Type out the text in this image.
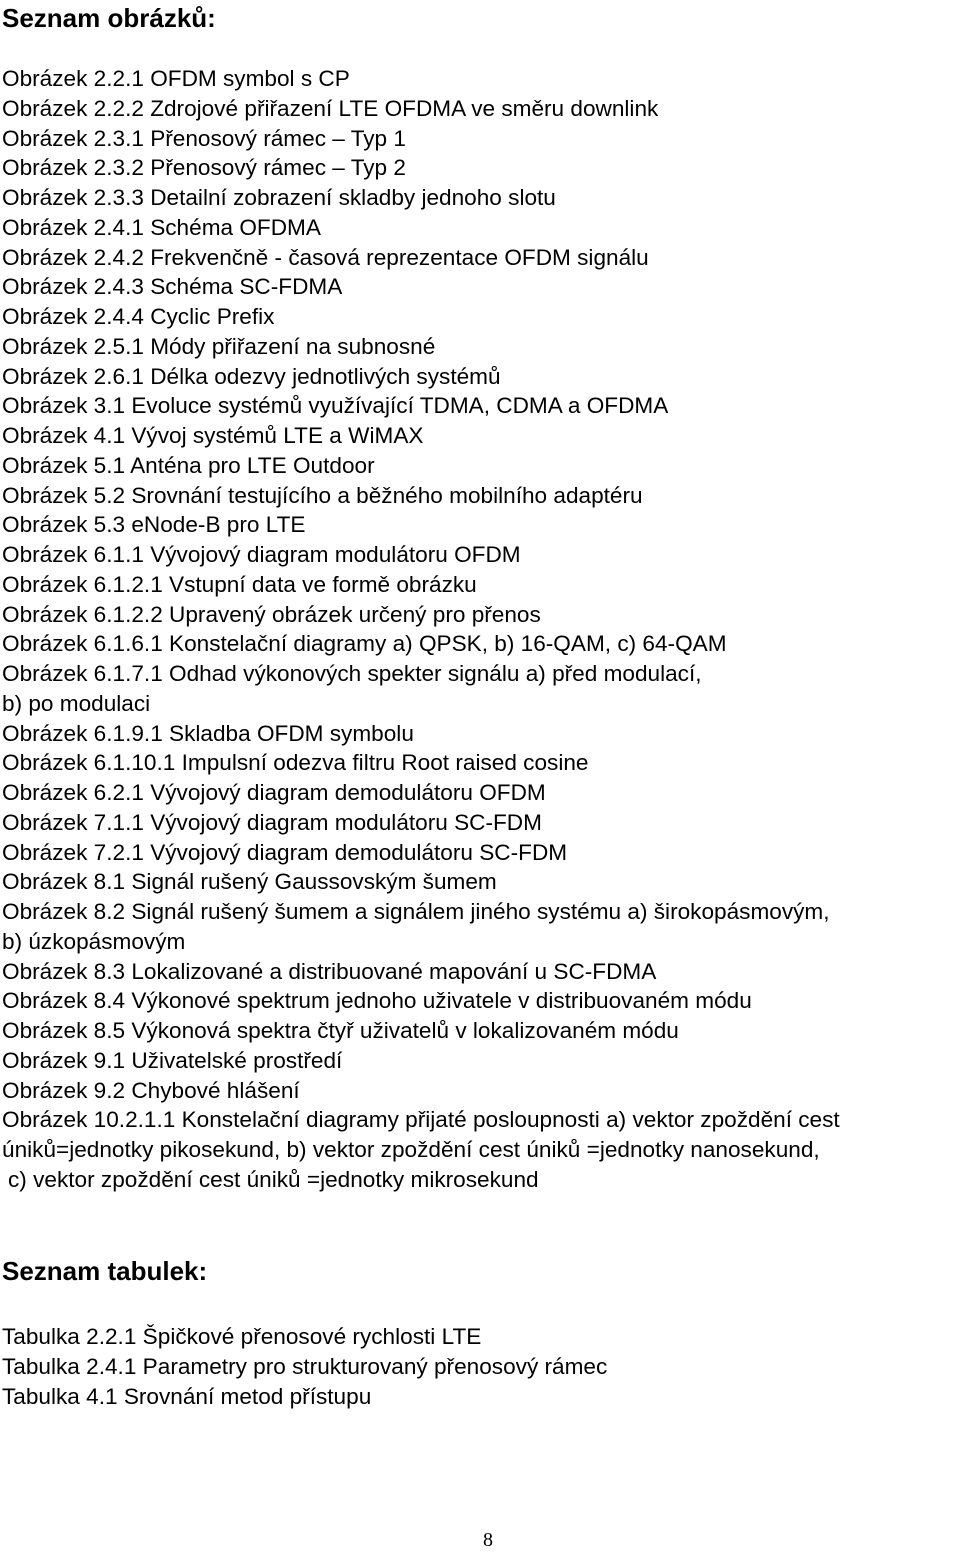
Seznam obrázků:
Obrázek 2.2.1 OFDM symbol s CP
Obrázek 2.2.2 Zdrojové přiřazení LTE OFDMA ve směru downlink
Obrázek 2.3.1 Přenosový rámec – Typ 1
Obrázek 2.3.2 Přenosový rámec – Typ 2
Obrázek 2.3.3 Detailní zobrazení skladby jednoho slotu
Obrázek 2.4.1 Schéma OFDMA
Obrázek 2.4.2 Frekvenčně - časová reprezentace OFDM signálu
Obrázek 2.4.3 Schéma SC-FDMA
Obrázek 2.4.4 Cyclic Prefix
Obrázek 2.5.1 Módy přiřazení na subnosné
Obrázek 2.6.1 Délka odezvy jednotlivých systémů
Obrázek 3.1 Evoluce systémů využívající TDMA, CDMA a OFDMA
Obrázek 4.1 Vývoj systémů LTE a WiMAX
Obrázek 5.1 Anténa pro LTE Outdoor
Obrázek 5.2 Srovnání testujícího a běžného mobilního adaptéru
Obrázek 5.3 eNode-B pro LTE
Obrázek 6.1.1 Vývojový diagram modulátoru OFDM
Obrázek 6.1.2.1 Vstupní data ve formě obrázku
Obrázek 6.1.2.2 Upravený obrázek určený pro přenos
Obrázek 6.1.6.1 Konstelační diagramy a) QPSK, b) 16-QAM, c) 64-QAM
Obrázek 6.1.7.1 Odhad výkonových spekter signálu a) před modulací,
b) po modulaci
Obrázek 6.1.9.1 Skladba OFDM symbolu
Obrázek 6.1.10.1 Impulsní odezva filtru Root raised cosine
Obrázek 6.2.1 Vývojový diagram demodulátoru OFDM
Obrázek 7.1.1 Vývojový diagram modulátoru SC-FDM
Obrázek 7.2.1 Vývojový diagram demodulátoru SC-FDM
Obrázek 8.1 Signál rušený Gaussovským šumem
Obrázek 8.2 Signál rušený šumem a signálem jiného systému a) širokopásmovým,
b) úzkopásmovým
Obrázek 8.3 Lokalizované a distribuované mapování u SC-FDMA
Obrázek 8.4 Výkonové spektrum jednoho uživatele v distribuovaném módu
Obrázek 8.5 Výkonová spektra čtyř uživatelů v lokalizovaném módu
Obrázek 9.1 Uživatelské prostředí
Obrázek 9.2 Chybové hlášení
Obrázek 10.2.1.1 Konstelační diagramy přijaté posloupnosti a) vektor zpoždění cest
úniků=jednotky pikosekund, b) vektor zpoždění cest úniků =jednotky nanosekund,
c) vektor zpoždění cest úniků =jednotky mikrosekund
Seznam tabulek:
Tabulka 2.2.1 Špičkové přenosové rychlosti LTE
Tabulka 2.4.1 Parametry pro strukturovaný přenosový rámec
Tabulka 4.1 Srovnání metod přístupu
8
